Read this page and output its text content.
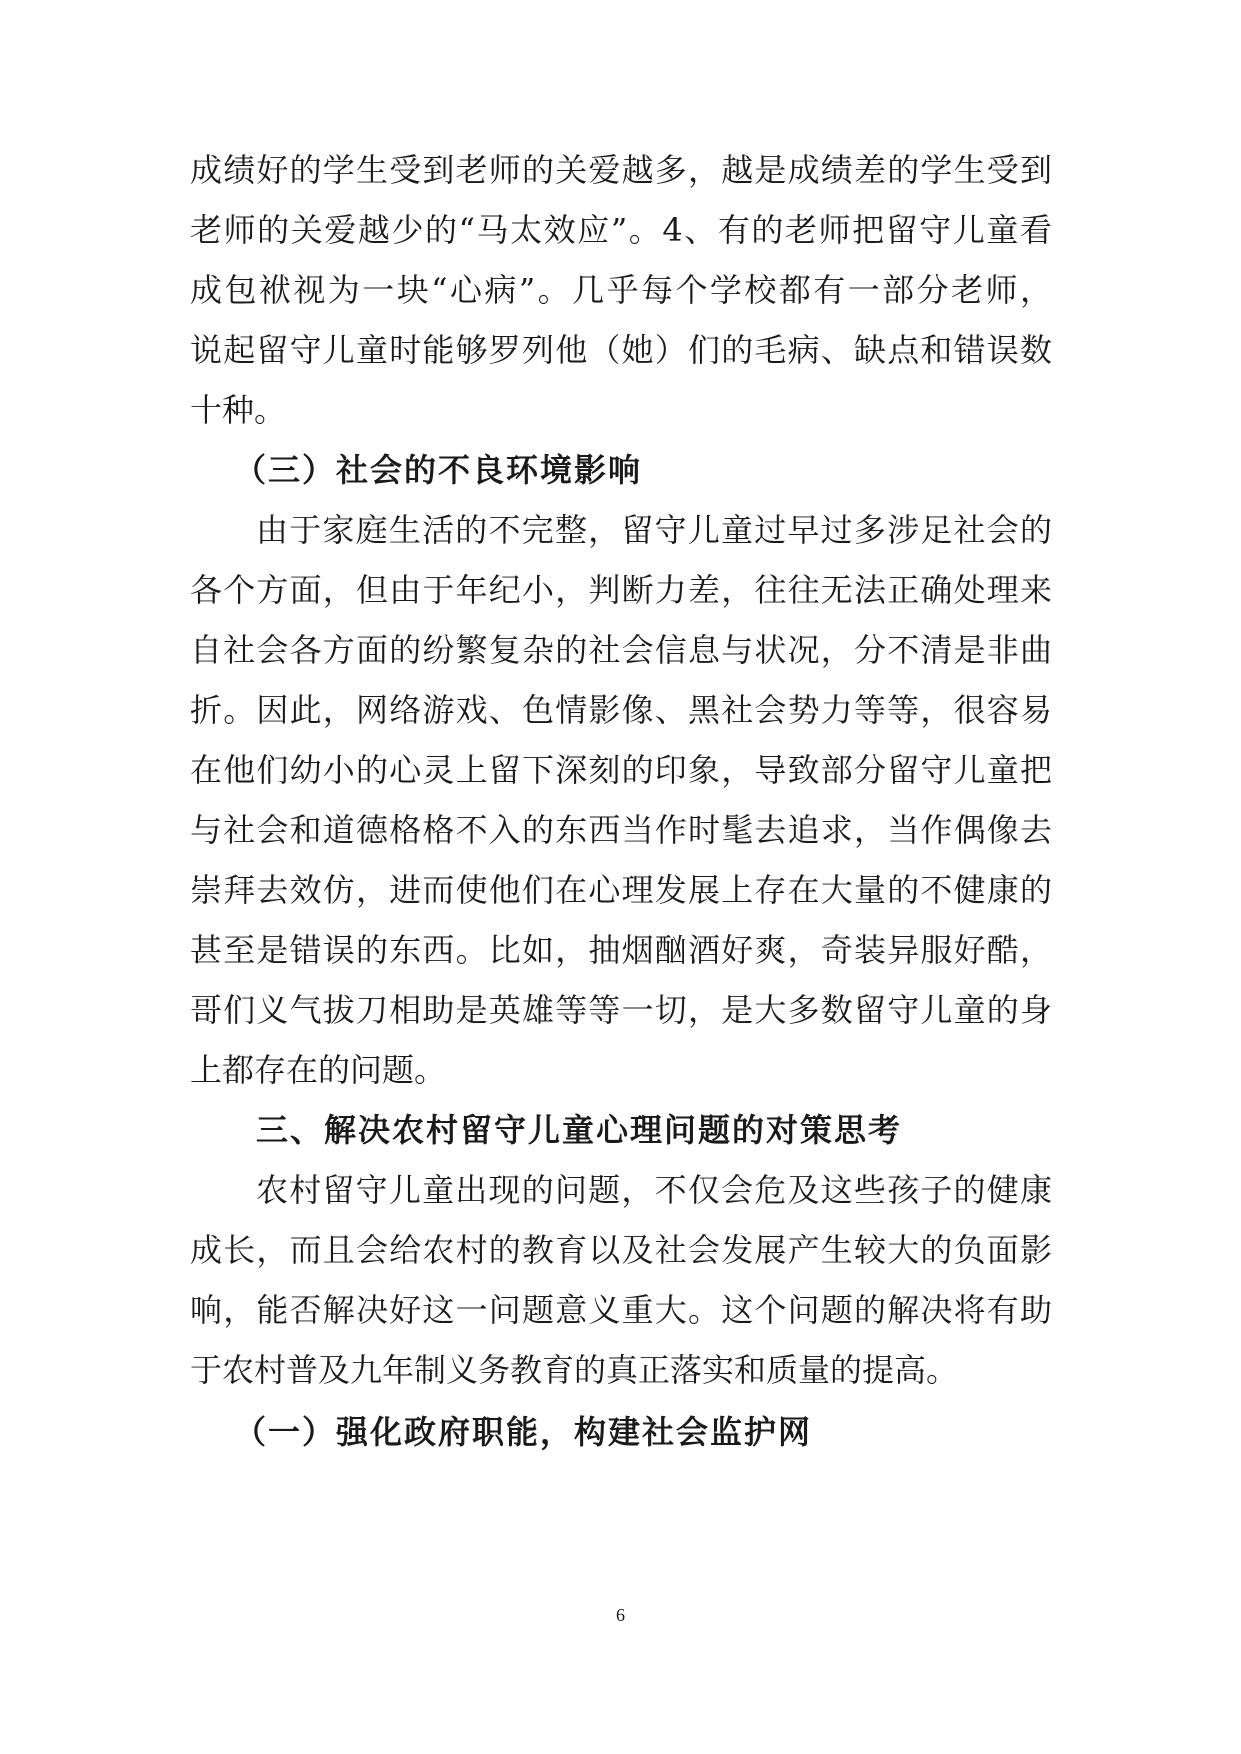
成绩好的学生受到老师的关爱越多，越是成绩差的学生受到
老师的关爱越少的“马太效应”。4、有的老师把留守儿童看
成包袱视为一块“心病”。几乎每个学校都有一部分老师，
说起留守儿童时能够罗列他（她）们的毛病、缺点和错误数
十种。
（三）社会的不良环境影响
由于家庭生活的不完整，留守儿童过早过多涉足社会的
各个方面，但由于年纪小，判断力差，往往无法正确处理来
自社会各方面的纷繁复杂的社会信息与状况，分不清是非曲
折。因此，网络游戏、色情影像、黑社会势力等等，很容易
在他们幼小的心灵上留下深刻的印象，导致部分留守儿童把
与社会和道德格格不入的东西当作时髦去追求，当作偶像去
崇拜去效仿，进而使他们在心理发展上存在大量的不健康的
甚至是错误的东西。比如，抽烟酗酒好爽，奇装异服好酷，
哥们义气拔刀相助是英雄等等一切，是大多数留守儿童的身
上都存在的问题。
三、解决农村留守儿童心理问题的对策思考
农村留守儿童出现的问题，不仅会危及这些孩子的健康
成长，而且会给农村的教育以及社会发展产生较大的负面影
响，能否解决好这一问题意义重大。这个问题的解决将有助
于农村普及九年制义务教育的真正落实和质量的提高。
（一）强化政府职能，构建社会监护网
6
